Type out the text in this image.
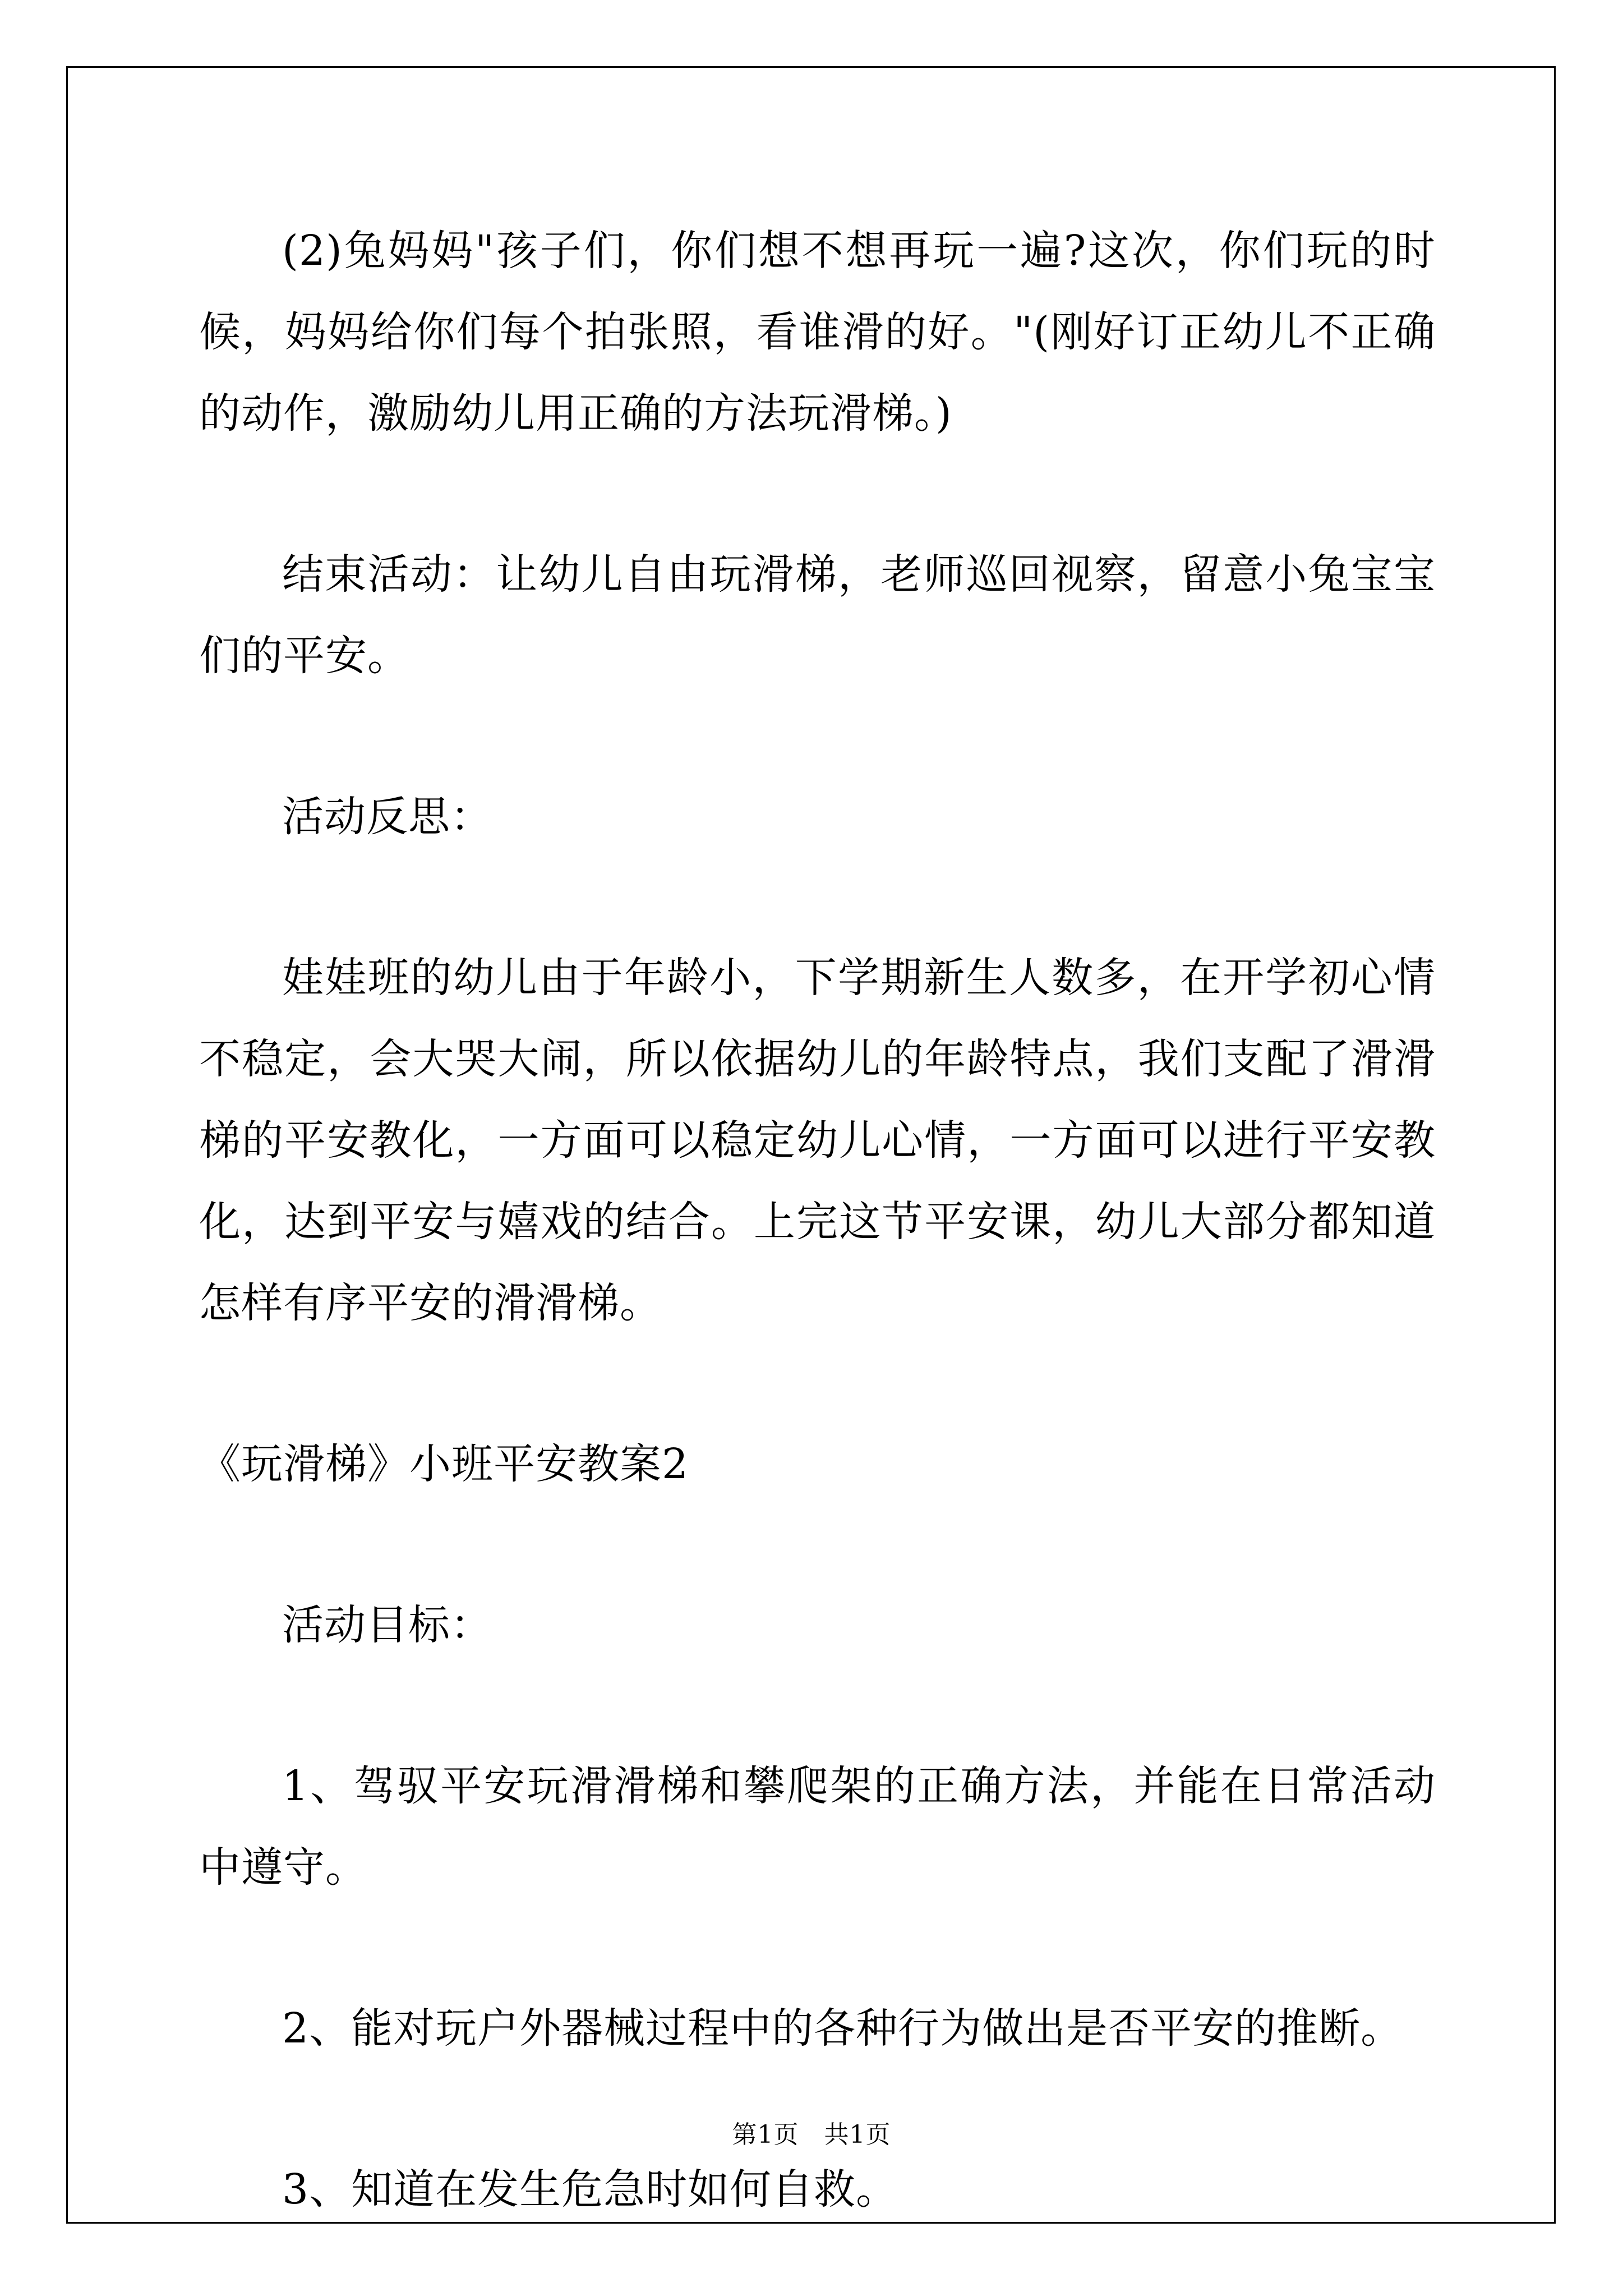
(2)兔妈妈"孩子们，你们想不想再玩一遍?这次，你们玩的时候，妈妈给你们每个拍张照，看谁滑的好。"(刚好订正幼儿不正确的动作，激励幼儿用正确的方法玩滑梯。)

结束活动：让幼儿自由玩滑梯，老师巡回视察，留意小兔宝宝们的平安。

活动反思：

娃娃班的幼儿由于年龄小，下学期新生人数多，在开学初心情不稳定，会大哭大闹，所以依据幼儿的年龄特点，我们支配了滑滑梯的平安教化，一方面可以稳定幼儿心情，一方面可以进行平安教化，达到平安与嬉戏的结合。上完这节平安课，幼儿大部分都知道怎样有序平安的滑滑梯。

《玩滑梯》小班平安教案2

活动目标：

1、驾驭平安玩滑滑梯和攀爬架的正确方法，并能在日常活动中遵守。

2、能对玩户外器械过程中的各种行为做出是否平安的推断。

3、知道在发生危急时如何自救。

第1页　共1页
